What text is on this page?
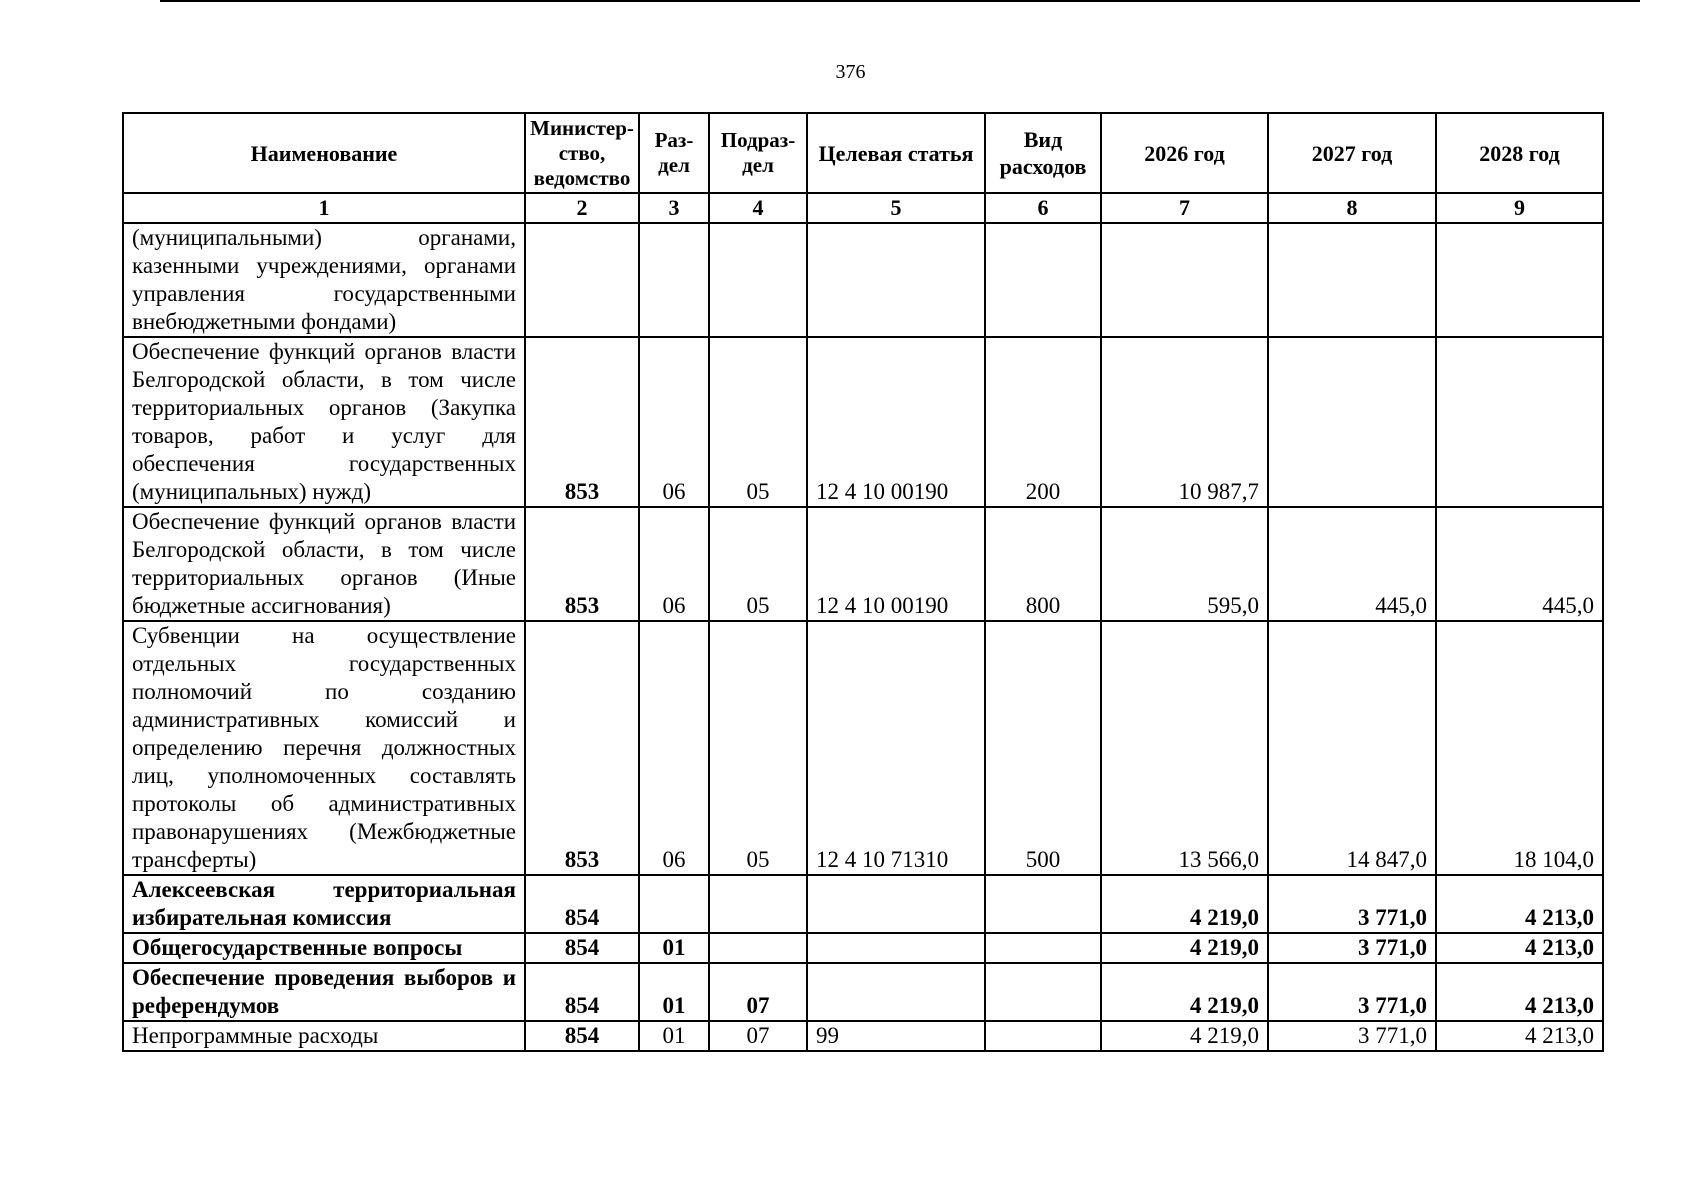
376
Наименование	Министер-ство, ведомство	Раз-дел	Подраз-дел	Целевая статья	Вид расходов	2026 год	2027 год	2028 год
1	2	3	4	5	6	7	8	9
(муниципальными) органами, казенными учреждениями, органами управления государственными внебюджетными фондами)								
Обеспечение функций органов власти Белгородской области, в том числе территориальных органов (Закупка товаров, работ и услуг для обеспечения государственных (муниципальных) нужд)	853	06	05	12 4 10 00190	200	10 987,7		
Обеспечение функций органов власти Белгородской области, в том числе территориальных органов (Иные бюджетные ассигнования)	853	06	05	12 4 10 00190	800	595,0	445,0	445,0
Субвенции на осуществление отдельных государственных полномочий по созданию административных комиссий и определению перечня должностных лиц, уполномоченных составлять протоколы об административных правонарушениях (Межбюджетные трансферты)	853	06	05	12 4 10 71310	500	13 566,0	14 847,0	18 104,0
Алексеевская территориальная избирательная комиссия	854					4 219,0	3 771,0	4 213,0
Общегосударственные вопросы	854	01				4 219,0	3 771,0	4 213,0
Обеспечение проведения выборов и референдумов	854	01	07			4 219,0	3 771,0	4 213,0
Непрограммные расходы	854	01	07	99		4 219,0	3 771,0	4 213,0
